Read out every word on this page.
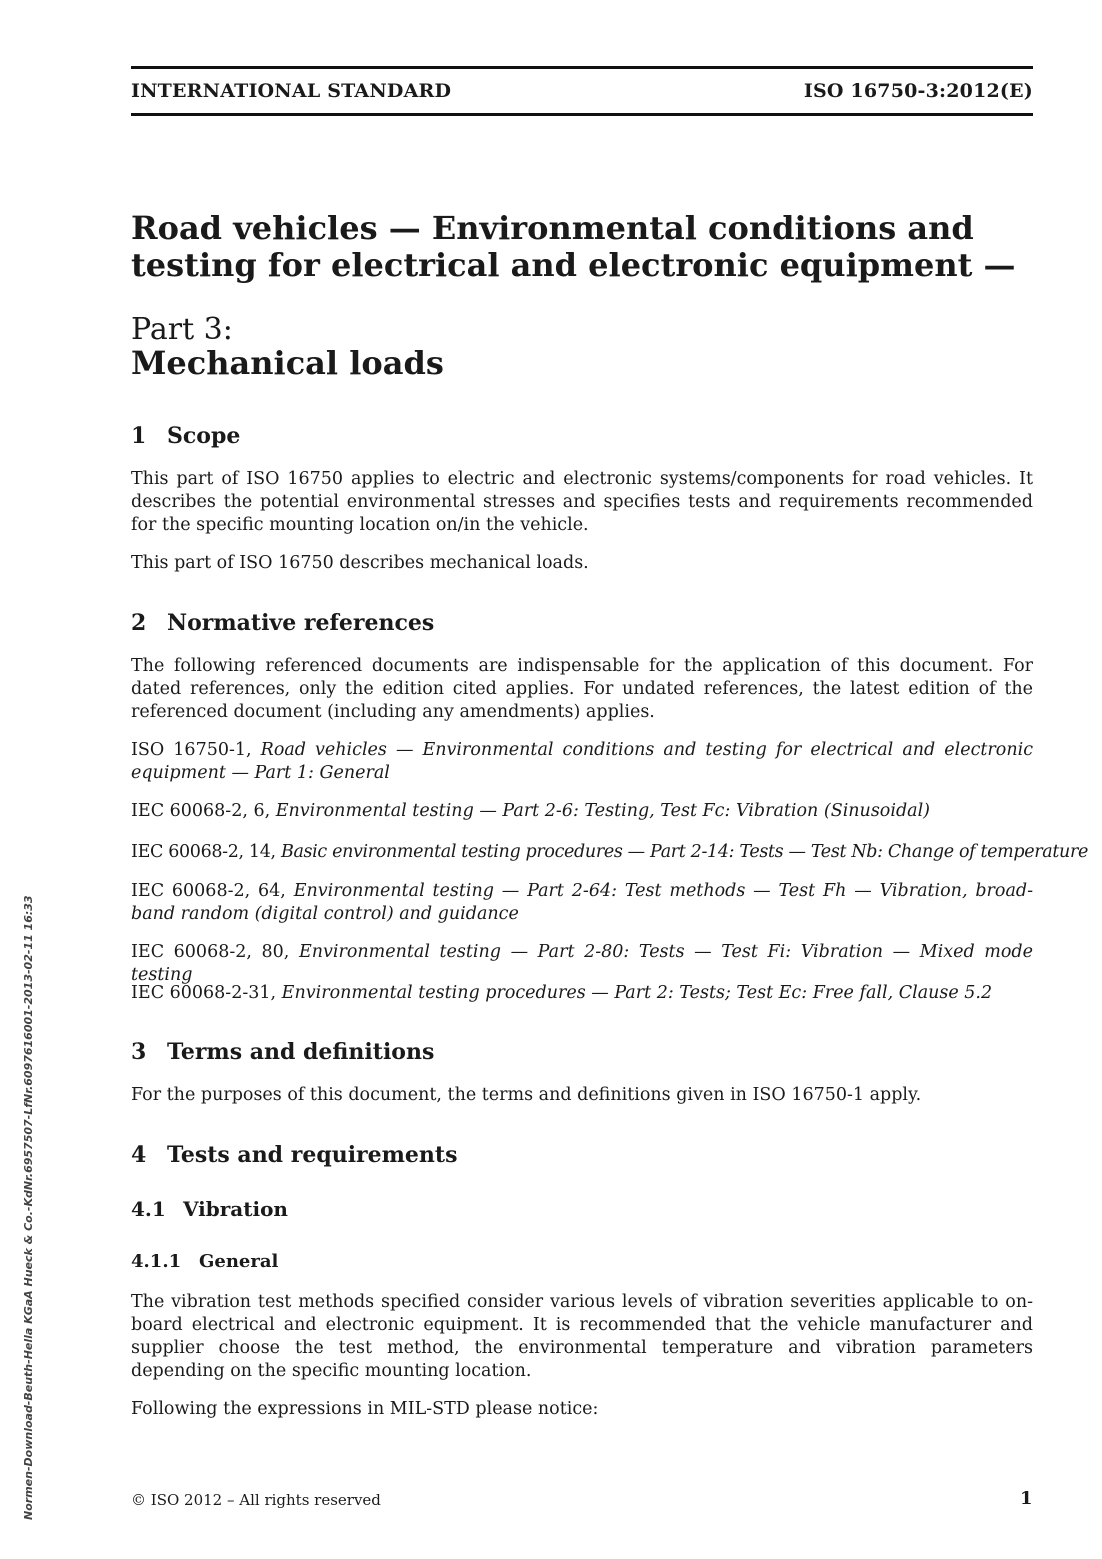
INTERNATIONAL STANDARD	ISO 16750-3:2012(E)
Road vehicles — Environmental conditions and testing for electrical and electronic equipment —
Part 3:
Mechanical loads
1 Scope

This part of ISO 16750 applies to electric and electronic systems/components for road vehicles. It describes the potential environmental stresses and specifies tests and requirements recommended for the specific mounting location on/in the vehicle.

This part of ISO 16750 describes mechanical loads.

2 Normative references

The following referenced documents are indispensable for the application of this document. For dated references, only the edition cited applies. For undated references, the latest edition of the referenced document (including any amendments) applies.

ISO 16750-1, Road vehicles — Environmental conditions and testing for electrical and electronic equipment — Part 1: General

IEC 60068-2, 6, Environmental testing — Part 2-6: Testing, Test Fc: Vibration (Sinusoidal)

IEC 60068-2, 14, Basic environmental testing procedures — Part 2-14: Tests — Test Nb: Change of temperature

IEC 60068-2, 64, Environmental testing — Part 2-64: Test methods — Test Fh — Vibration, broad-band random (digital control) and guidance

IEC 60068-2, 80, Environmental testing — Part 2-80: Tests — Test Fi: Vibration — Mixed mode testing

IEC 60068-2-31, Environmental testing procedures — Part 2: Tests; Test Ec: Free fall, Clause 5.2

3 Terms and definitions

For the purposes of this document, the terms and definitions given in ISO 16750-1 apply.

4 Tests and requirements
4.1 Vibration
4.1.1 General

The vibration test methods specified consider various levels of vibration severities applicable to on-board electrical and electronic equipment. It is recommended that the vehicle manufacturer and supplier choose the test method, the environmental temperature and vibration parameters depending on the specific mounting location.

Following the expressions in MIL-STD please notice:

Normen-Download-Beuth-Hella KGaA Hueck & Co.-KdNr.6957507-LfNr.6097616001-2013-02-11 16:33	© ISO 2012 – All rights reserved	1
